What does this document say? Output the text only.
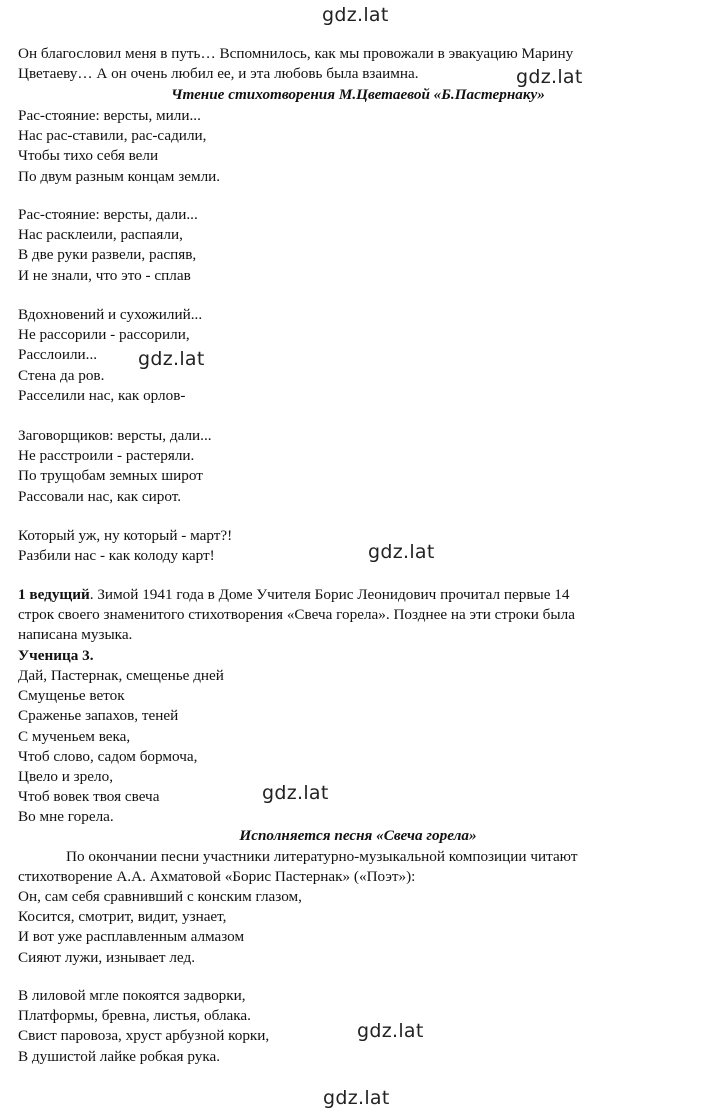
gdz.lat
gdz.lat
gdz.lat
gdz.lat
gdz.lat
gdz.lat
gdz.lat
Он благословил меня в путь… Вспомнилось, как мы провожали в эвакуацию Марину
Цветаеву… А он очень любил ее, и эта любовь была взаимна.
Чтение стихотворения М.Цветаевой «Б.Пастернаку»
Рас-стояние: версты, мили...
Нас рас-ставили, рас-садили,
Чтобы тихо себя вели
По двум разным концам земли.
Рас-стояние: версты, дали...
Нас расклеили, распаяли,
В две руки развели, распяв,
И не знали, что это - сплав
Вдохновений и сухожилий...
Не рассорили - рассорили,
Расслоили...
Стена да ров.
Расселили нас, как орлов-
Заговорщиков: версты, дали...
Не расстроили - растеряли.
По трущобам земных широт
Рассовали нас, как сирот.
Который уж, ну который - март?!
Разбили нас - как колоду карт!
1 ведущий. Зимой 1941 года в Доме Учителя Борис Леонидович прочитал первые 14
строк своего знаменитого стихотворения «Свеча горела». Позднее на эти строки была
написана музыка.
Ученица 3.
Дай, Пастернак, смещенье дней
Смущенье веток
Сраженье запахов, теней
С мученьем века,
Чтоб слово, садом бормоча,
Цвело и зрело,
Чтоб вовек твоя свеча
Во мне горела.
Исполняется песня «Свеча горела»
По окончании песни участники литературно-музыкальной композиции читают
стихотворение А.А. Ахматовой «Борис Пастернак» («Поэт»):
Он, сам себя сравнивший с конским глазом,
Косится, смотрит, видит, узнает,
И вот уже расплавленным алмазом
Сияют лужи, изнывает лед.
В лиловой мгле покоятся задворки,
Платформы, бревна, листья, облака.
Свист паровоза, хруст арбузной корки,
В душистой лайке робкая рука.
